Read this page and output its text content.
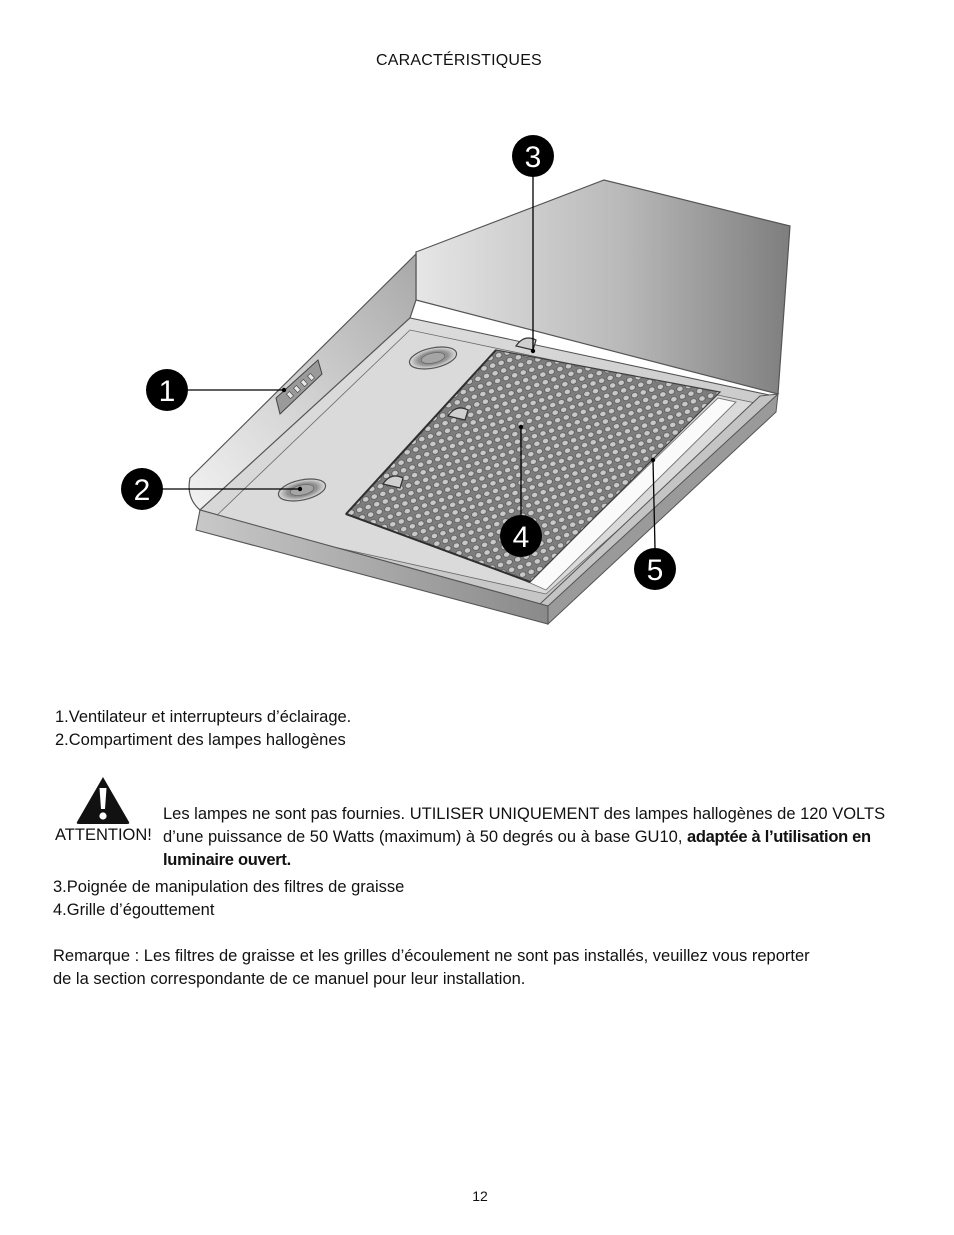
CARACTÉRISTIQUES
1
2
3
4
5
1.Ventilateur et interrupteurs d’éclairage.
2.Compartiment des lampes hallogènes
ATTENTION!
Les lampes ne sont pas fournies. UTILISER UNIQUEMENT des lampes hallogènes de 120 VOLTS d’une puissance de 50 Watts (maximum) à 50 degrés ou à base GU10, adaptée à l’utilisation en luminaire ouvert.
3.Poignée de manipulation des filtres de graisse
4.Grille d’égouttement
Remarque : Les filtres de graisse et les grilles d’écoulement ne sont pas installés, veuillez vous reporter de la section correspondante de ce manuel pour leur installation.
12
